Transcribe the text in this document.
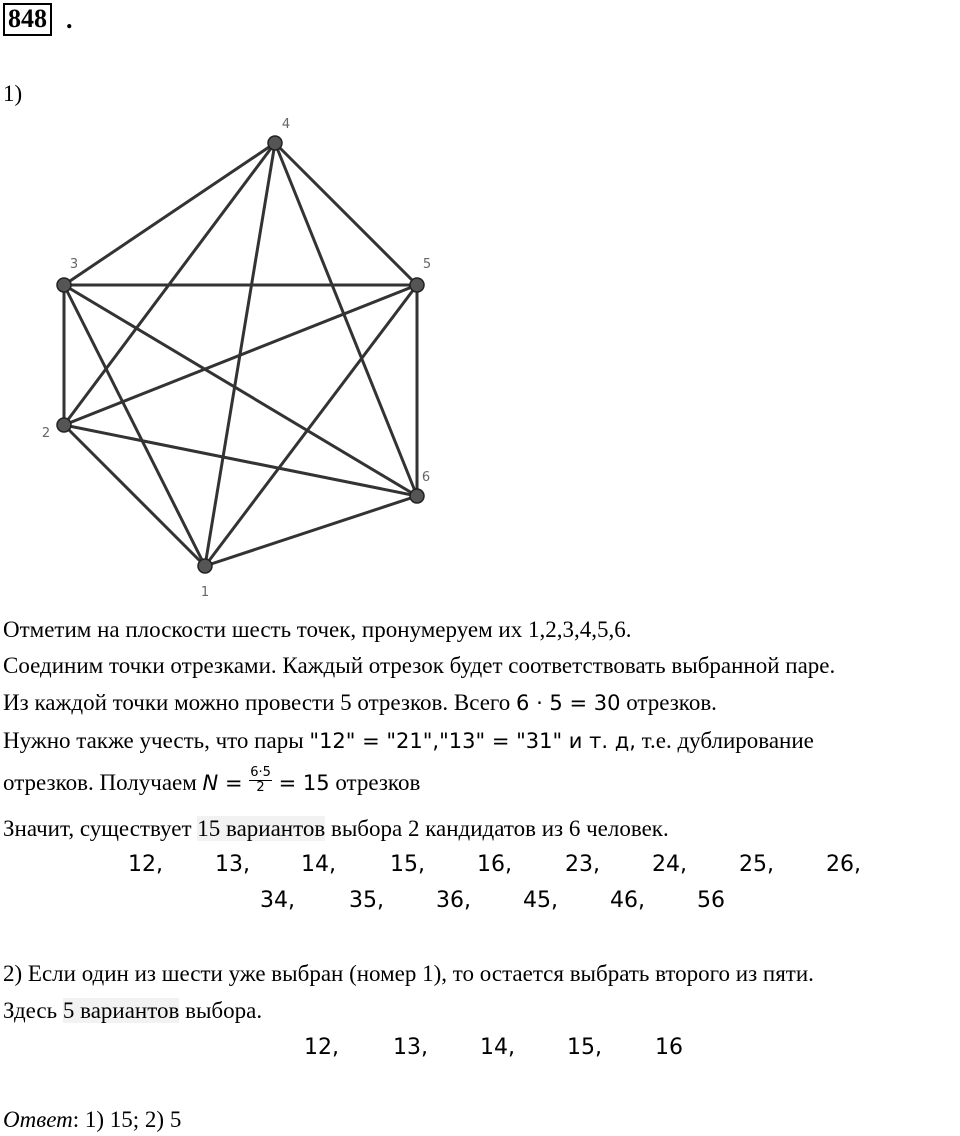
848 .
1)
1
2
3
4
5
6
Отметим на плоскости шесть точек, пронумеруем их 1,2,3,4,5,6.
Соединим точки отрезками. Каждый отрезок будет соответствовать выбранной паре.
Из каждой точки можно провести 5 отрезков. Всего 6 ⋅ 5 = 30 отрезков.
Нужно также учесть, что пары "12" = "21","13" = "31" и т. д, т.е. дублирование
отрезков. Получаем $N = \frac{6\cdot 5}{2} = 15$ отрезков
Значит, существует 15 вариантов выбора 2 кандидатов из 6 человек.
12, 13, 14, 15, 16, 23, 24, 25, 26,
34, 35, 36, 45, 46, 56
2) Если один из шести уже выбран (номер 1), то остается выбрать второго из пяти.
Здесь 5 вариантов выбора.
12, 13, 14, 15, 16
Ответ: 1) 15; 2) 5
